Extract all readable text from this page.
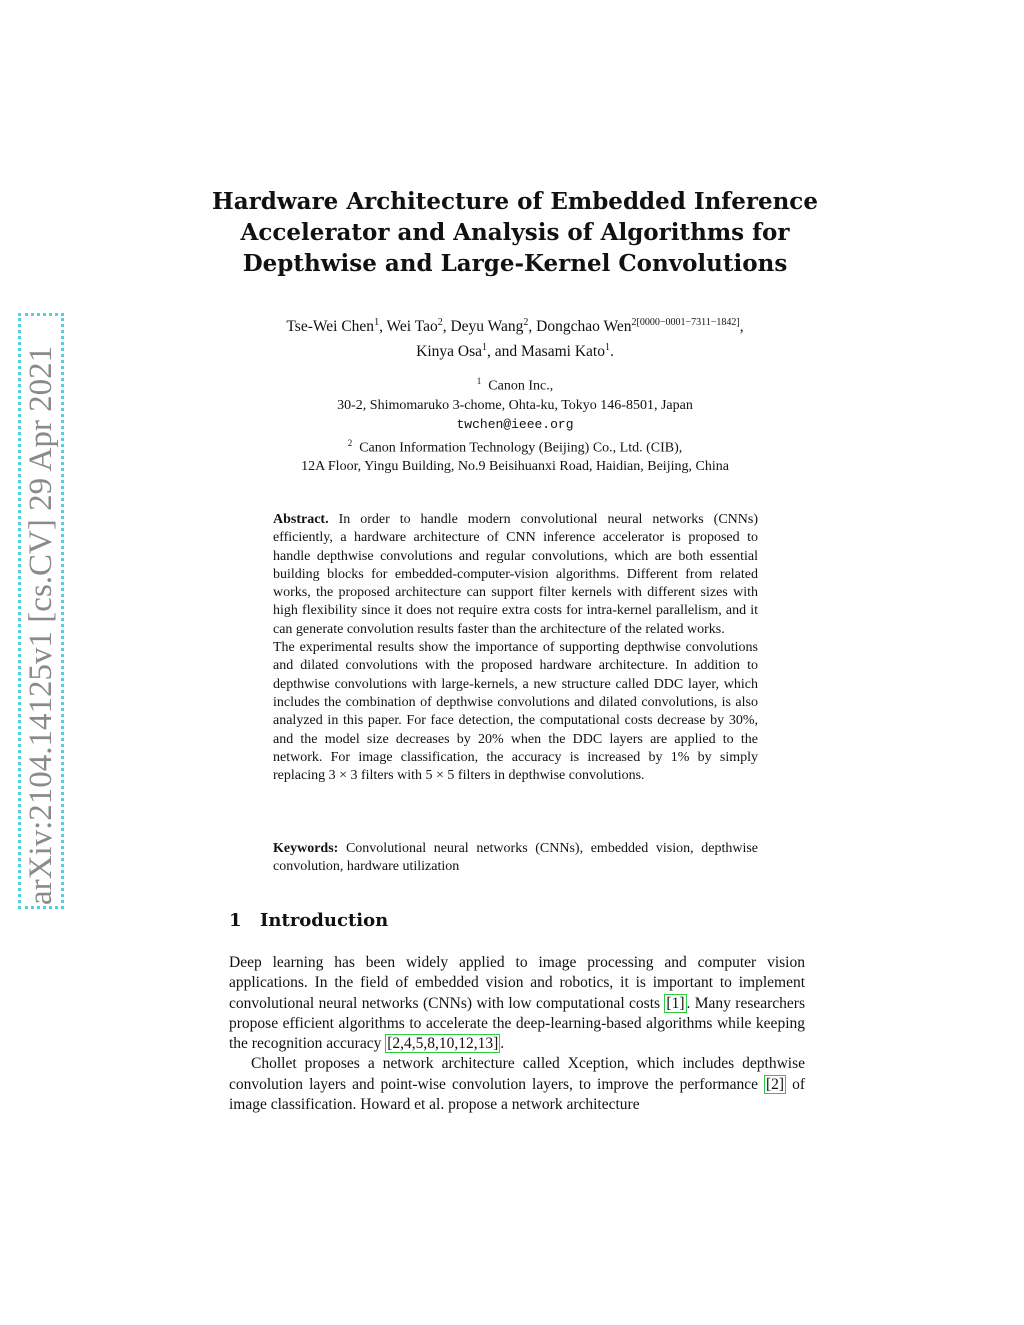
arXiv:2104.14125v1 [cs.CV] 29 Apr 2021
Hardware Architecture of Embedded Inference
Accelerator and Analysis of Algorithms for
Depthwise and Large-Kernel Convolutions
Tse-Wei Chen$^1$, Wei Tao$^2$, Deyu Wang$^2$, Dongchao Wen$^{2[0000-0001-7311-1842]}$,
Kinya Osa$^1$, and Masami Kato$^1$.
$^1$ Canon Inc.,
30-2, Shimomaruko 3-chome, Ohta-ku, Tokyo 146-8501, Japan
twchen@ieee.org
$^2$ Canon Information Technology (Beijing) Co., Ltd. (CIB),
12A Floor, Yingu Building, No.9 Beisihuanxi Road, Haidian, Beijing, China

Abstract. In order to handle modern convolutional neural networks (CNNs) efficiently, a hardware architecture of CNN inference accelerator is proposed to handle depthwise convolutions and regular convolutions, which are both essential building blocks for embedded-computer-vision algorithms. Different from related works, the proposed architecture can support filter kernels with different sizes with high flexibility since it does not require extra costs for intra-kernel parallelism, and it can generate convolution results faster than the architecture of the related works.

The experimental results show the importance of supporting depthwise convolutions and dilated convolutions with the proposed hardware architecture. In addition to depthwise convolutions with large-kernels, a new structure called DDC layer, which includes the combination of depthwise convolutions and dilated convolutions, is also analyzed in this paper. For face detection, the computational costs decrease by 30%, and the model size decreases by 20% when the DDC layers are applied to the network. For image classification, the accuracy is increased by 1% by simply replacing 3 × 3 filters with 5 × 5 filters in depthwise convolutions.

Keywords: Convolutional neural networks (CNNs), embedded vision, depthwise convolution, hardware utilization

1 Introduction

Deep learning has been widely applied to image processing and computer vision applications. In the field of embedded vision and robotics, it is important to implement convolutional neural networks (CNNs) with low computational costs [1] . Many researchers propose efficient algorithms to accelerate the deep-learning-based algorithms while keeping the recognition accuracy [2,4,5,8,10,12,13] .

Chollet proposes a network architecture called Xception, which includes depthwise convolution layers and point-wise convolution layers, to improve the performance [2] of image classification. Howard et al. propose a network architecture
